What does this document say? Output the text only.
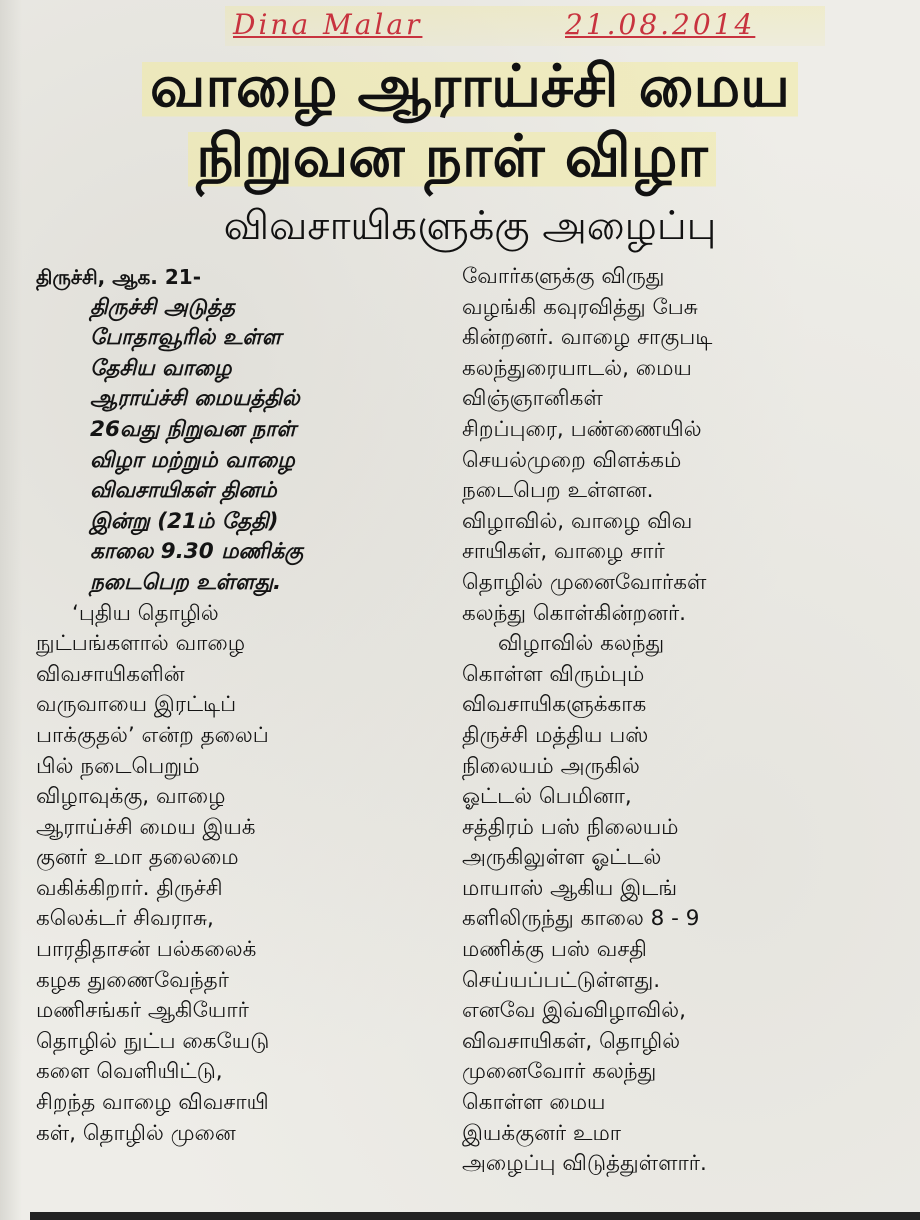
Dina Malar	21.08.2014
வாழை ஆராய்ச்சி மைய
நிறுவன நாள் விழா
விவசாயிகளுக்கு அழைப்பு
திருச்சி, ஆக. 21-
திருச்சி அடுத்த
போதாவூரில் உள்ள
தேசிய வாழை
ஆராய்ச்சி மையத்தில்
26வது நிறுவன நாள்
விழா மற்றும் வாழை
விவசாயிகள் தினம்
இன்று (21ம் தேதி)
காலை 9.30 மணிக்கு
நடைபெற உள்ளது.
‘புதிய தொழில்
நுட்பங்களால் வாழை
விவசாயிகளின்
வருவாயை இரட்டிப்
பாக்குதல்’ என்ற தலைப்
பில் நடைபெறும்
விழாவுக்கு, வாழை
ஆராய்ச்சி மைய இயக்
குனர் உமா தலைமை
வகிக்கிறார். திருச்சி
கலெக்டர் சிவராசு,
பாரதிதாசன் பல்கலைக்
கழக துணைவேந்தர்
மணிசங்கர் ஆகியோர்
தொழில் நுட்ப கையேடு
களை வெளியிட்டு,
சிறந்த வாழை விவசாயி
கள், தொழில் முனை
வோர்களுக்கு விருது
வழங்கி கவுரவித்து பேசு
கின்றனர். வாழை சாகுபடி
கலந்துரையாடல், மைய
விஞ்ஞானிகள்
சிறப்புரை, பண்ணையில்
செயல்முறை விளக்கம்
நடைபெற உள்ளன.
விழாவில், வாழை விவ
சாயிகள், வாழை சார்
தொழில் முனைவோர்கள்
கலந்து கொள்கின்றனர்.
விழாவில் கலந்து
கொள்ள விரும்பும்
விவசாயிகளுக்காக
திருச்சி மத்திய பஸ்
நிலையம் அருகில்
ஓட்டல் பெமினா,
சத்திரம் பஸ் நிலையம்
அருகிலுள்ள ஓட்டல்
மாயாஸ் ஆகிய இடங்
களிலிருந்து காலை 8 - 9
மணிக்கு பஸ் வசதி
செய்யப்பட்டுள்ளது.
எனவே இவ்விழாவில்,
விவசாயிகள், தொழில்
முனைவோர் கலந்து
கொள்ள மைய
இயக்குனர் உமா
அழைப்பு விடுத்துள்ளார்.
